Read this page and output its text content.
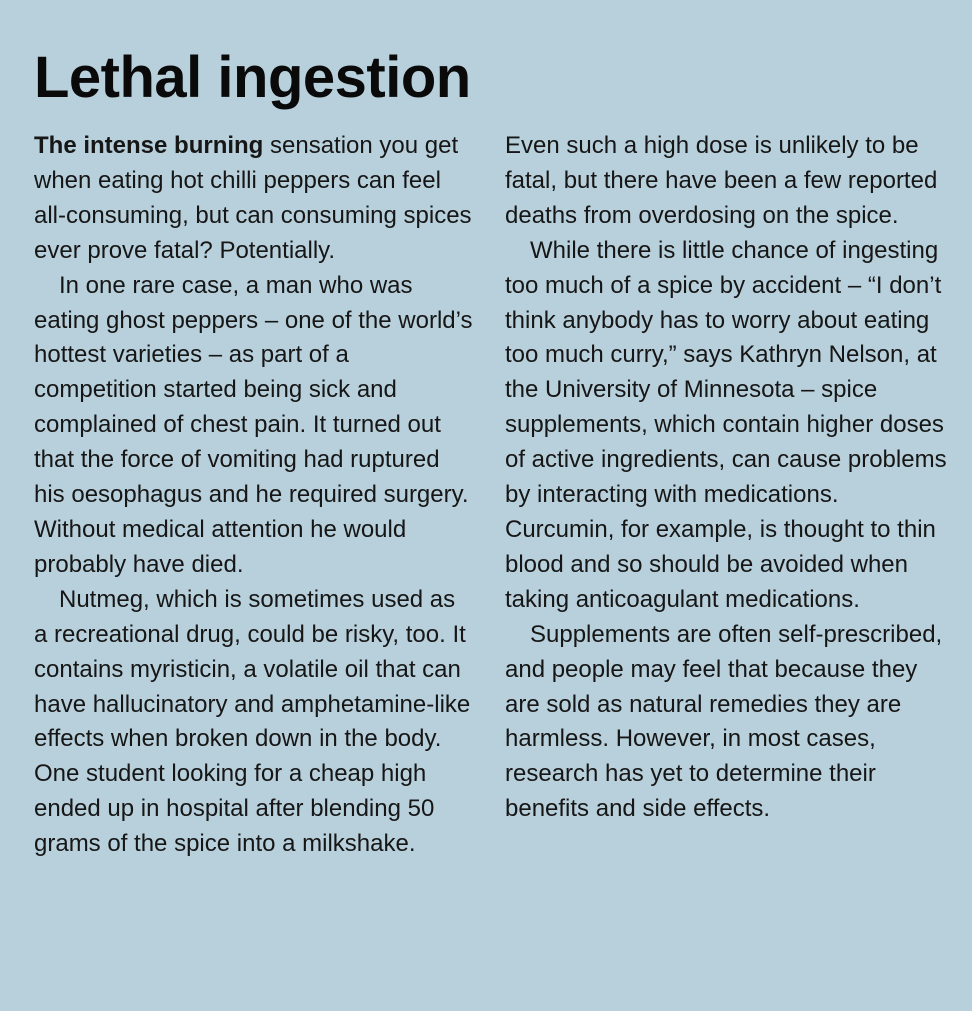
Lethal ingestion

The intense burning sensation you get when eating hot chilli peppers can feel all-consuming, but can consuming spices ever prove fatal? Potentially.

In one rare case, a man who was eating ghost peppers – one of the world’s hottest varieties – as part of a competition started being sick and complained of chest pain. It turned out that the force of vomiting had ruptured his oesophagus and he required surgery. Without medical attention he would probably have died.

Nutmeg, which is sometimes used as a recreational drug, could be risky, too. It contains myristicin, a volatile oil that can have hallucinatory and amphetamine-like effects when broken down in the body. One student looking for a cheap high ended up in hospital after blending 50 grams of the spice into a milkshake.

Even such a high dose is unlikely to be fatal, but there have been a few reported deaths from overdosing on the spice.

While there is little chance of ingesting too much of a spice by accident – “I don’t think anybody has to worry about eating too much curry,” says Kathryn Nelson, at the University of Minnesota – spice supplements, which contain higher doses of active ingredients, can cause problems by interacting with medications. Curcumin, for example, is thought to thin blood and so should be avoided when taking anticoagulant medications.

Supplements are often self-prescribed, and people may feel that because they are sold as natural remedies they are harmless. However, in most cases, research has yet to determine their benefits and side effects.
